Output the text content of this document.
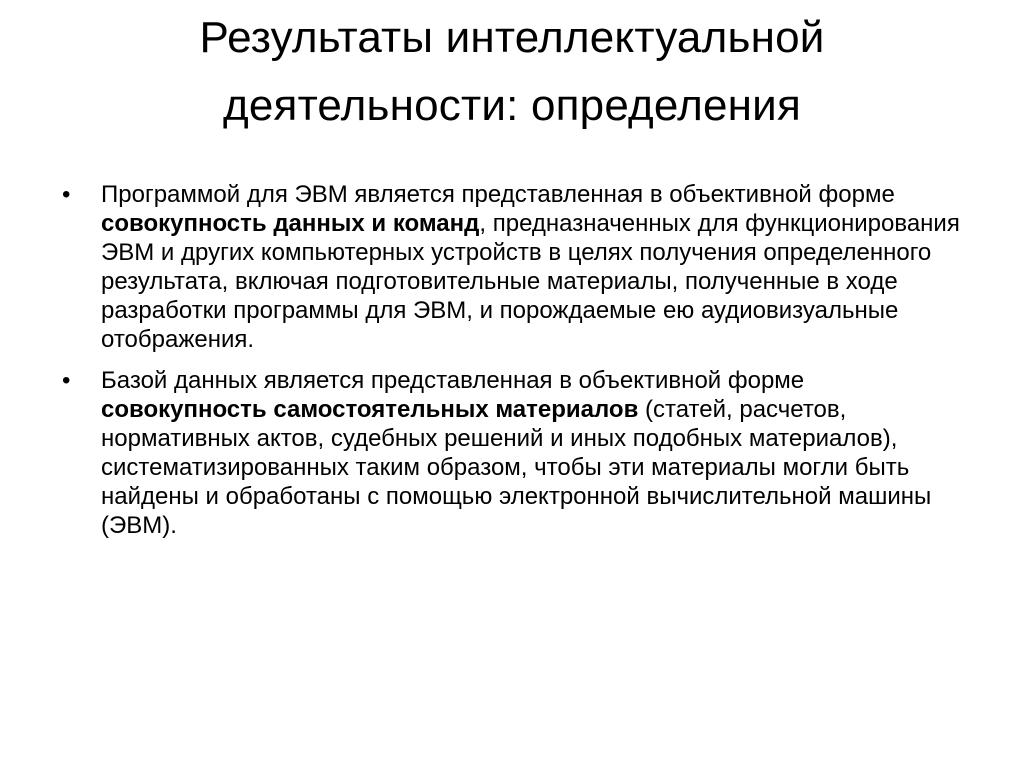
Результаты интеллектуальной
деятельности: определения
• Программой для ЭВМ является представленная в объективной форме совокупность данных и команд, предназначенных для функционирования ЭВМ и других компьютерных устройств в целях получения определенного результата, включая подготовительные материалы, полученные в ходе разработки программы для ЭВМ, и порождаемые ею аудиовизуальные отображения.
• Базой данных является представленная в объективной форме совокупность самостоятельных материалов (статей, расчетов, нормативных актов, судебных решений и иных подобных материалов), систематизированных таким образом, чтобы эти материалы могли быть найдены и обработаны с помощью электронной вычислительной машины (ЭВМ).
